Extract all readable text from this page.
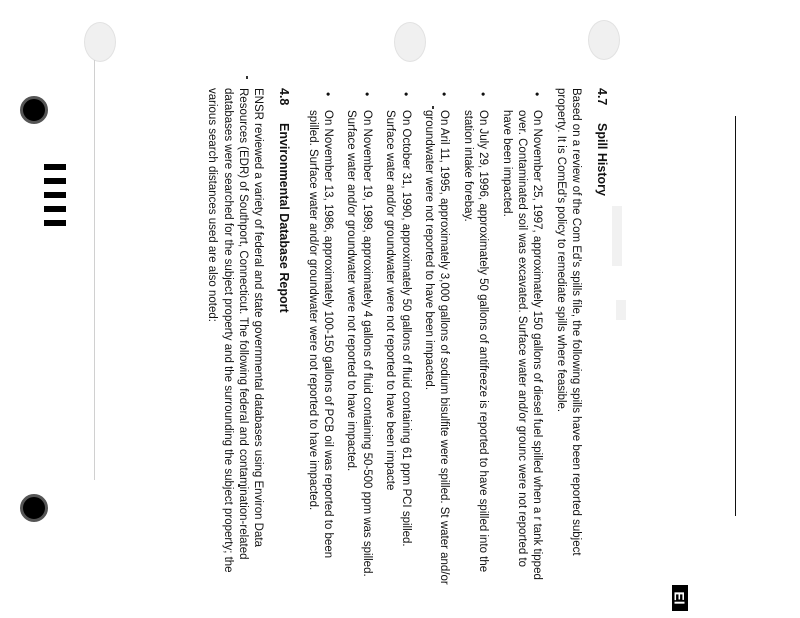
El
4.7
Spill History

Based on a review of the Com Ed's spills file, the following spills have been reported subject property. It is ComEd's policy to remediate spills where feasible.

• On November 25, 1997, approximately 150 gallons of diesel fuel spilled when a r tank tipped over. Contaminated soil was excavated. Surface water and/or grounc were not reported to have been impacted.
• On July 29, 1996, approximately 50 gallons of antifreeze is reported to have spilled into the station intake forebay.
• On Aril 11, 1995, approximately 3,000 gallons of sodium bisulfite were spilled. St water and/or groundwater were not reported to have been impacted.
• On October 31, 1990, approximately 50 gallons of fluid containing 61 ppm PCI spilled. Surface water and/or groundwater were not reported to have been impacte
• On November 19, 1989, approximately 4 gallons of fluid containing 50-500 ppm was spilled. Surface water and/or groundwater were not reported to have impacted.
• On November 13, 1986, approximately 100-150 gallons of PCB oil was reported to been spilled. Surface water and/or groundwater were not reported to have impacted.
4.8
Environmental Database Report

ENSR reviewed a variety of federal and state governmental databases using Environ Data Resources (EDR) of Southport, Connecticut. The following federal and contamination-related databases were searched for the subject property and the surrounding the subject property; the various search distances used are also noted:
